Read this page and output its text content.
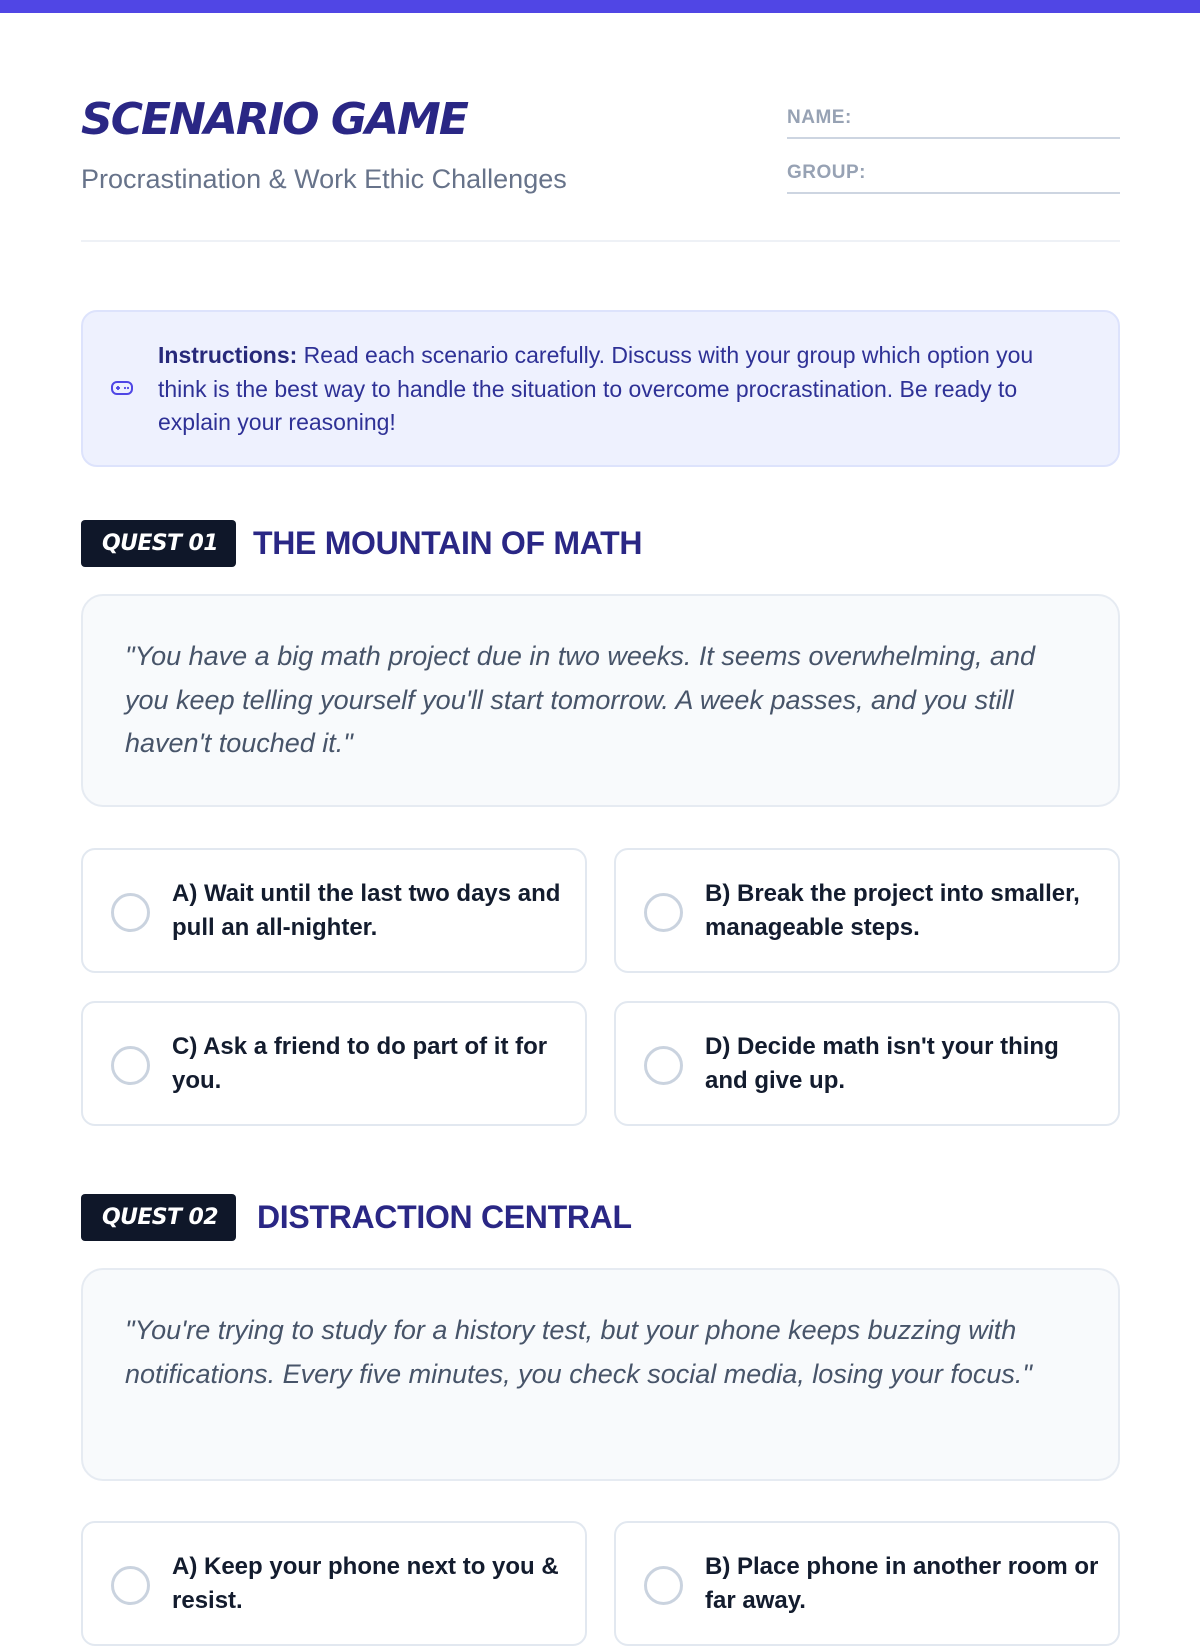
SCENARIO GAME
Procrastination & Work Ethic Challenges
NAME:
GROUP:
Instructions: Read each scenario carefully. Discuss with your group which option you think is the best way to handle the situation to overcome procrastination. Be ready to explain your reasoning!
QUEST 01	THE MOUNTAIN OF MATH
"You have a big math project due in two weeks. It seems overwhelming, and you keep telling yourself you'll start tomorrow. A week passes, and you still haven't touched it."
A) Wait until the last two days and pull an all-nighter.
B) Break the project into smaller, manageable steps.
C) Ask a friend to do part of it for you.
D) Decide math isn't your thing and give up.
QUEST 02	DISTRACTION CENTRAL
"You're trying to study for a history test, but your phone keeps buzzing with notifications. Every five minutes, you check social media, losing your focus."
A) Keep your phone next to you & resist.
B) Place phone in another room or far away.
